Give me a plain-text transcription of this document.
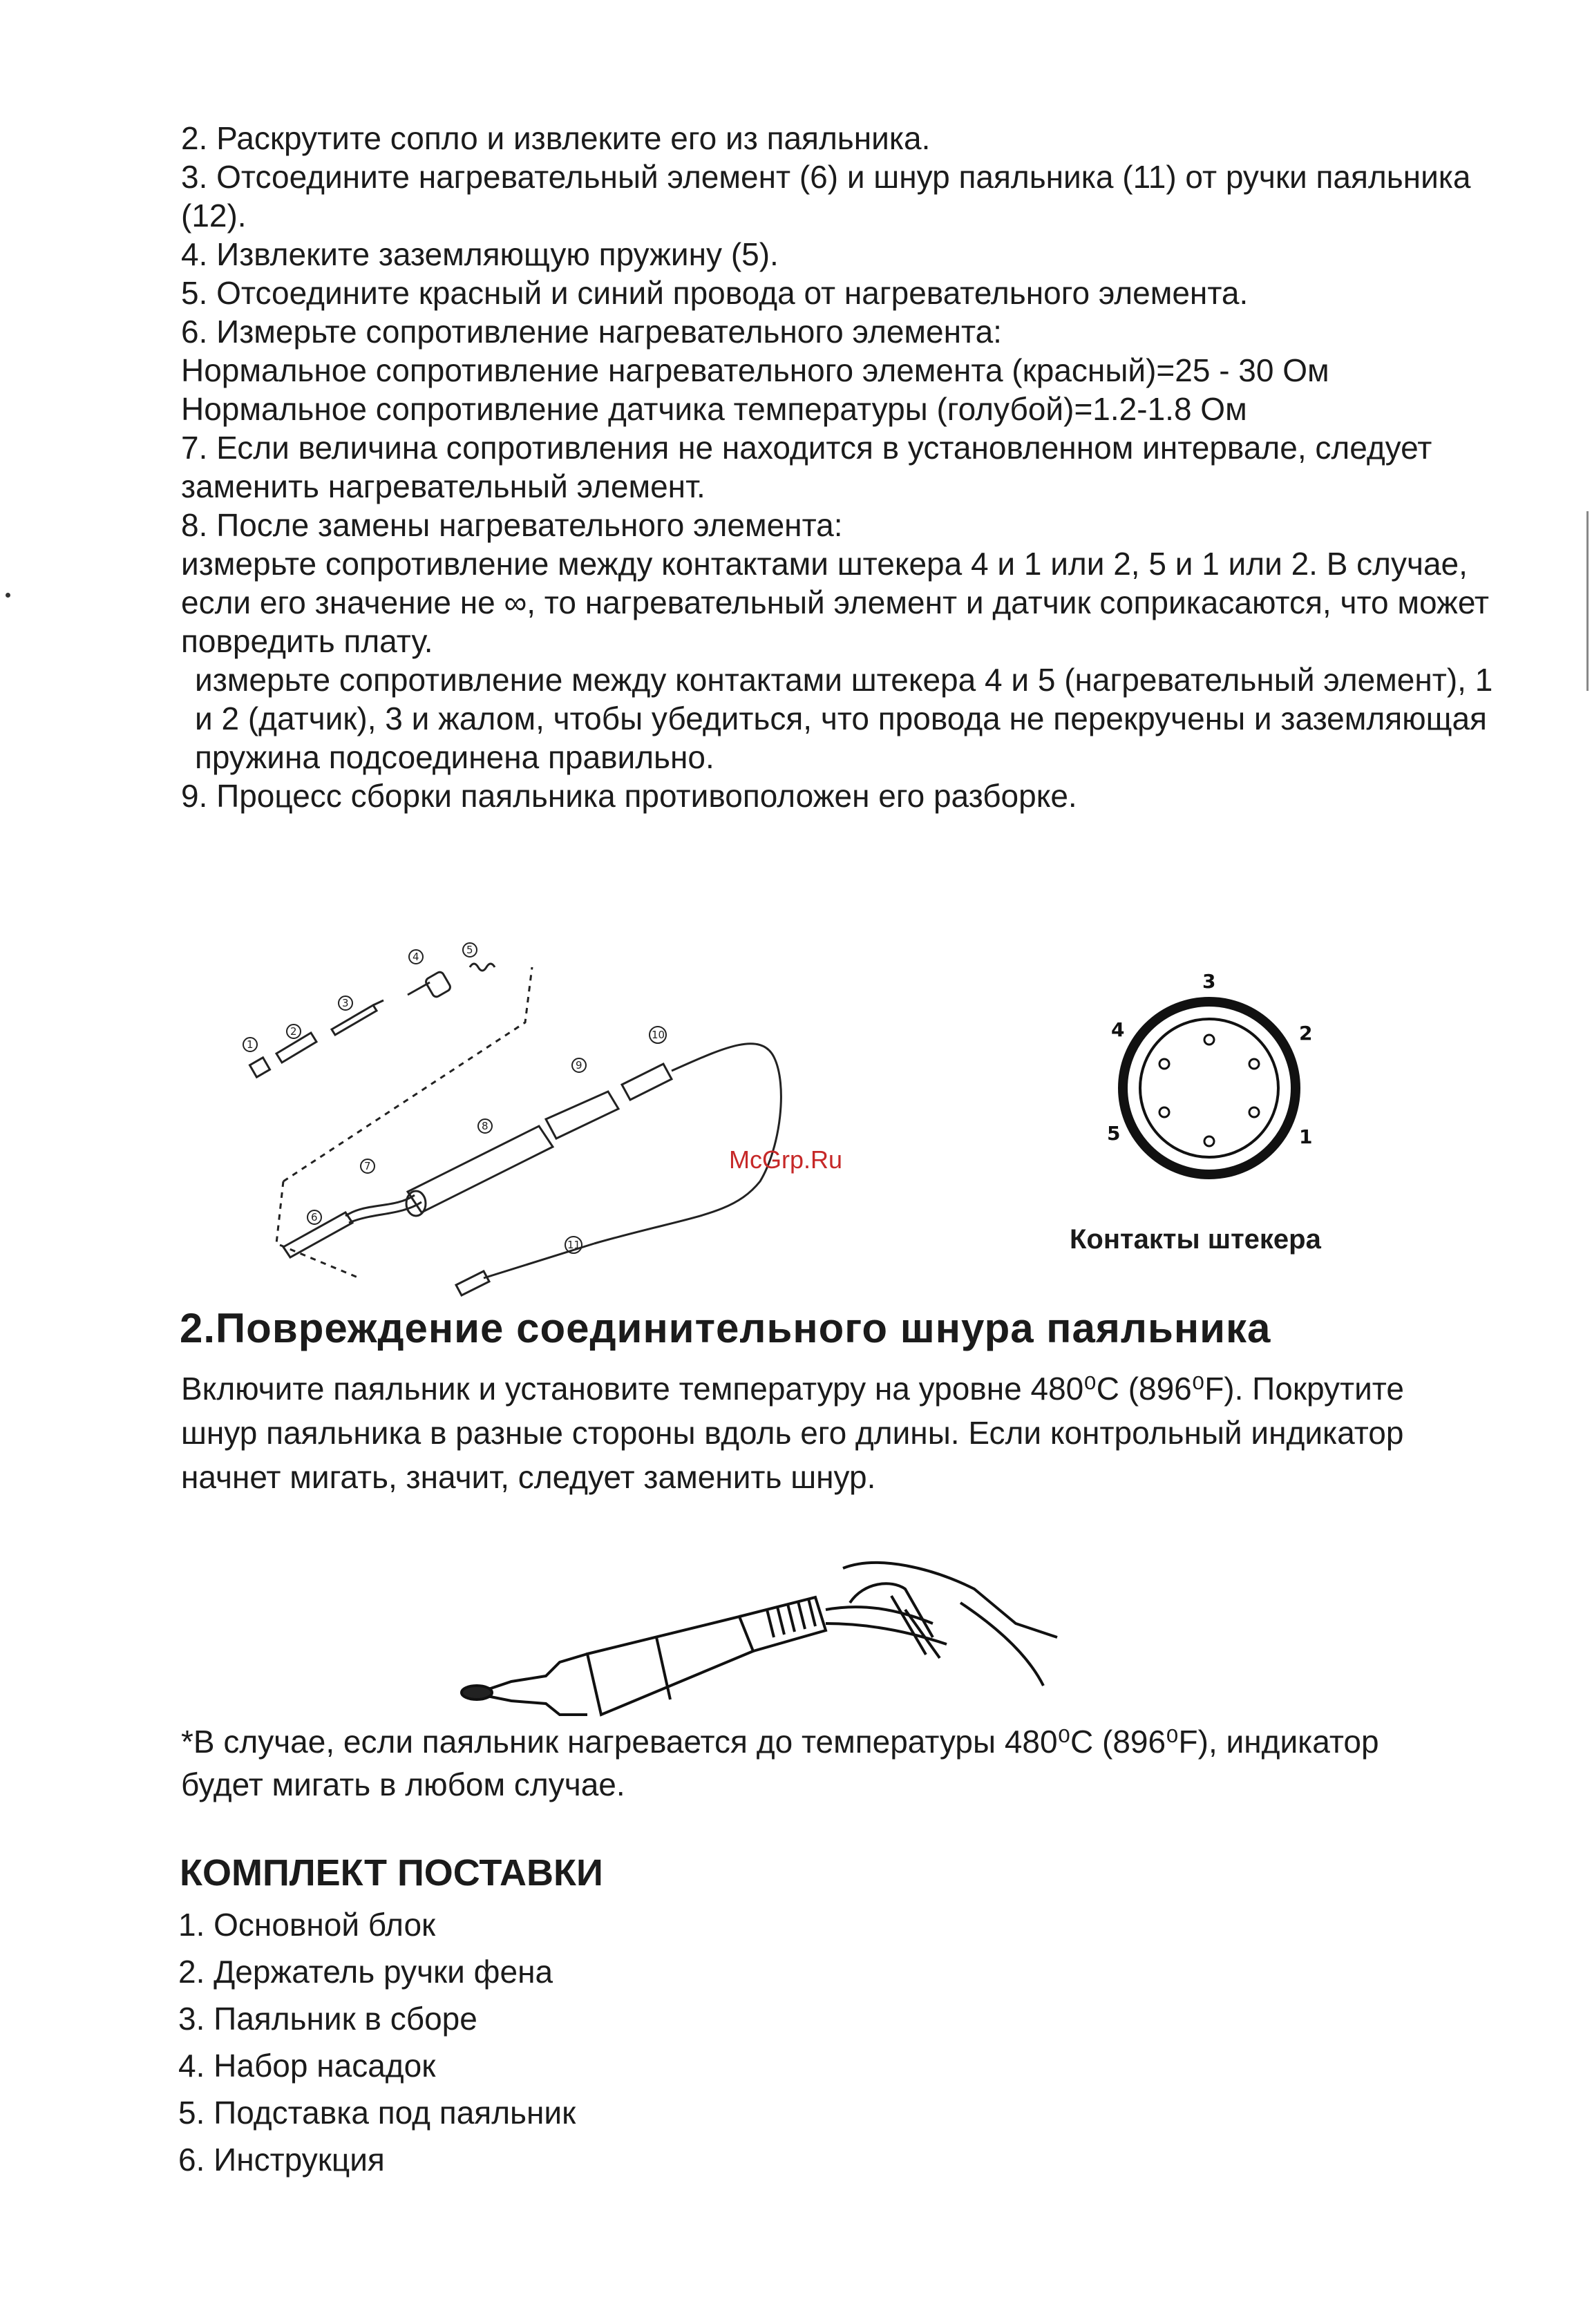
2. Раскрутите сопло и извлеките его из паяльника.

3. Отсоедините нагревательный элемент (6) и шнур паяльника (11) от ручки паяльника (12).

4. Извлеките заземляющую пружину (5).

5. Отсоедините красный и синий провода от нагревательного элемента.

6. Измерьте сопротивление нагревательного элемента:

Нормальное сопротивление нагревательного элемента (красный)=25 - 30 Ом

Нормальное сопротивление датчика температуры (голубой)=1.2-1.8 Ом

7. Если величина сопротивления не находится в установленном интервале, следует заменить нагревательный элемент.

8. После замены нагревательного элемента:

измерьте сопротивление между контактами штекера 4 и 1 или 2, 5 и 1 или 2. В случае, если его значение не ∞, то нагревательный элемент и датчик соприкасаются, что может повредить плату.

измерьте сопротивление между контактами штекера 4 и 5 (нагревательный элемент), 1 и 2 (датчик), 3 и жалом, чтобы убедиться, что провода не перекручены и заземляющая пружина подсоединена правильно.

9. Процесс сборки паяльника противоположен его разборке.

1
2
3
4
5
6
7
8
9
10
11
McGrp.Ru
3
2
4
5	1
Контакты штекера
2.Повреждение соединительного шнура паяльника
Включите паяльник и установите температуру на уровне 480⁰С (896⁰F). Покрутите шнур паяльника в разные стороны вдоль его длины. Если контрольный индикатор начнет мигать, значит, следует заменить шнур.
*В случае, если паяльник нагревается до температуры 480⁰С (896⁰F), индикатор будет мигать в любом случае.
КОМПЛЕКТ ПОСТАВКИ
1. Основной блок
2. Держатель ручки фена
3. Паяльник в сборе
4. Набор насадок
5. Подставка под паяльник
6. Инструкция
